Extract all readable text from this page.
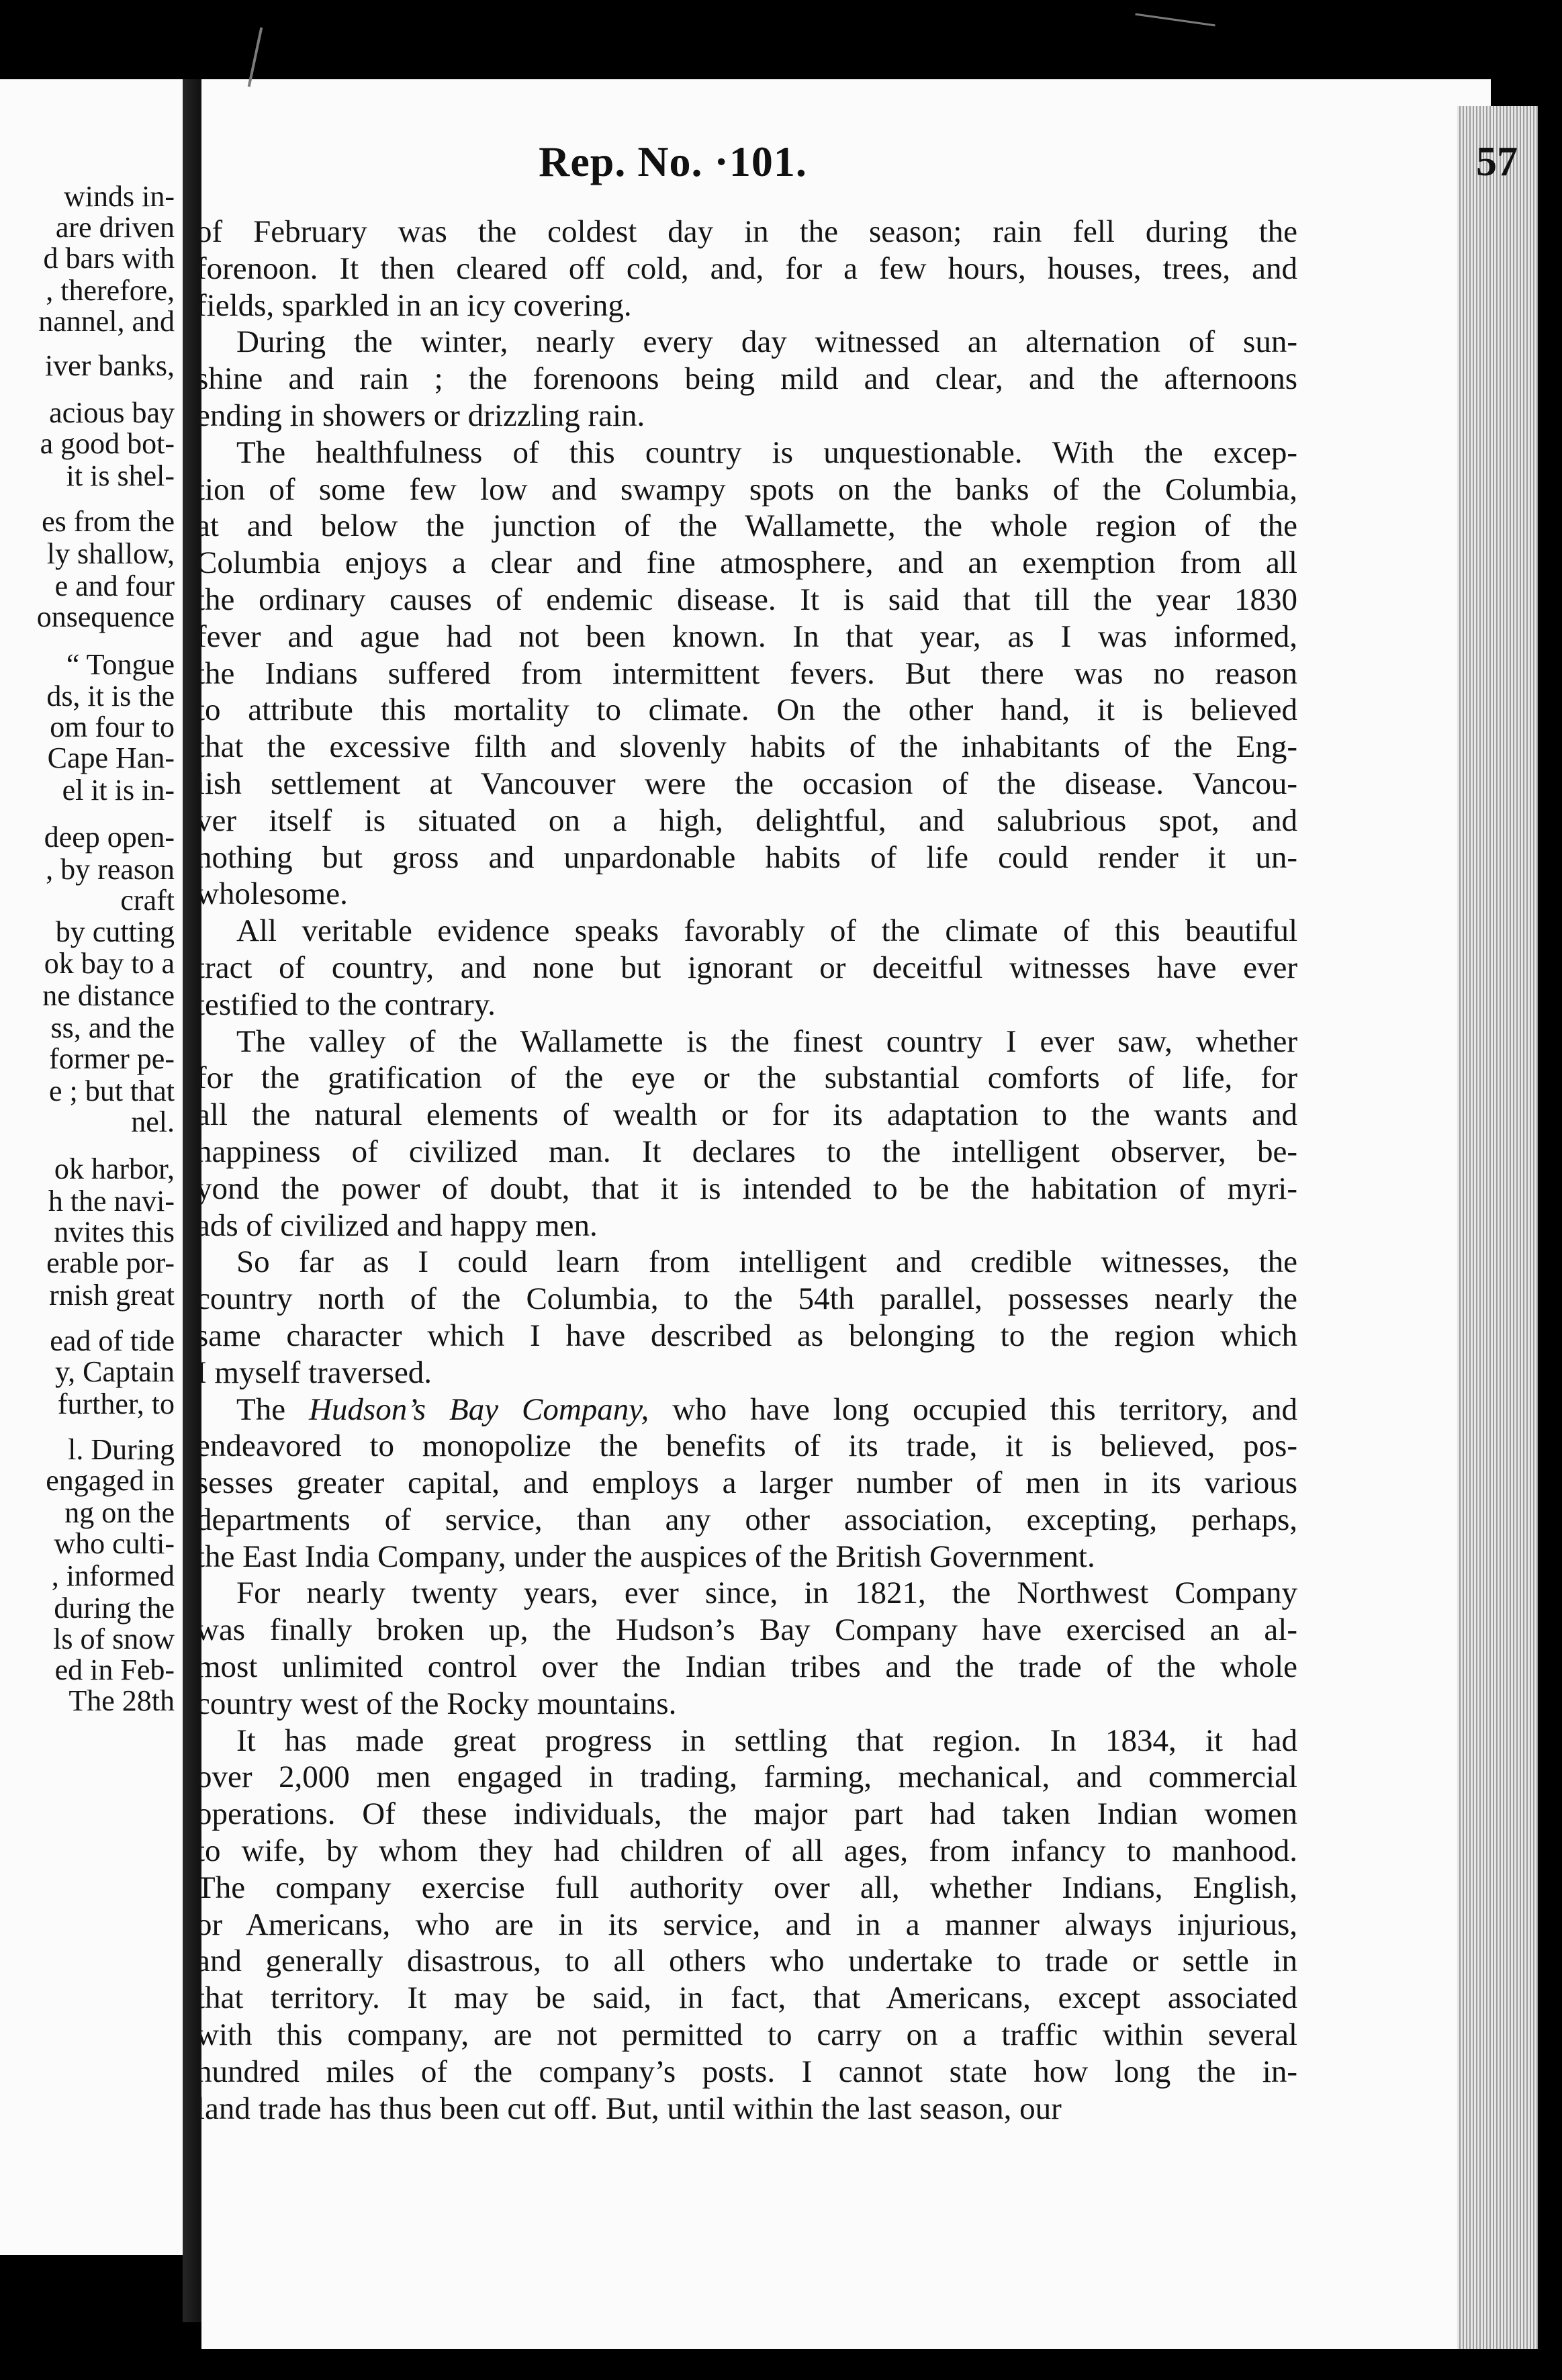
winds in-
are driven
d bars with
, therefore,
nannel, and
iver banks,
acious bay
a good bot-
it is shel-
es from the
ly shallow,
e and four
onsequence
“ Tongue
ds, it is the
om four to
Cape Han-
el it is in-
deep open-
, by reason
craft
by cutting
ok bay to a
ne distance
ss, and the
former pe-
e ; but that
nel.
ok harbor,
h the navi-
nvites this
erable por-
rnish great
ead of tide
y, Captain
further, to
l. During
engaged in
ng on the
who culti-
, informed
during the
ls of snow
ed in Feb-
The 28th
Rep. No. ·101.	57
of February was the coldest day in the season; rain fell during the
forenoon. It then cleared off cold, and, for a few hours, houses, trees, and
fields, sparkled in an icy covering.
During the winter, nearly every day witnessed an alternation of sun-
shine and rain ; the forenoons being mild and clear, and the afternoons
ending in showers or drizzling rain.
The healthfulness of this country is unquestionable. With the excep-
tion of some few low and swampy spots on the banks of the Columbia,
at and below the junction of the Wallamette, the whole region of the
Columbia enjoys a clear and fine atmosphere, and an exemption from all
the ordinary causes of endemic disease. It is said that till the year 1830
fever and ague had not been known. In that year, as I was informed,
the Indians suffered from intermittent fevers. But there was no reason
to attribute this mortality to climate. On the other hand, it is believed
that the excessive filth and slovenly habits of the inhabitants of the Eng-
lish settlement at Vancouver were the occasion of the disease. Vancou-
ver itself is situated on a high, delightful, and salubrious spot, and
nothing but gross and unpardonable habits of life could render it un-
wholesome.
All veritable evidence speaks favorably of the climate of this beautiful
tract of country, and none but ignorant or deceitful witnesses have ever
testified to the contrary.
The valley of the Wallamette is the finest country I ever saw, whether
for the gratification of the eye or the substantial comforts of life, for
all the natural elements of wealth or for its adaptation to the wants and
happiness of civilized man. It declares to the intelligent observer, be-
yond the power of doubt, that it is intended to be the habitation of myri-
ads of civilized and happy men.
So far as I could learn from intelligent and credible witnesses, the
country north of the Columbia, to the 54th parallel, possesses nearly the
same character which I have described as belonging to the region which
I myself traversed.
The Hudson’s Bay Company, who have long occupied this territory, and
endeavored to monopolize the benefits of its trade, it is believed, pos-
sesses greater capital, and employs a larger number of men in its various
departments of service, than any other association, excepting, perhaps,
the East India Company, under the auspices of the British Government.
For nearly twenty years, ever since, in 1821, the Northwest Company
was finally broken up, the Hudson’s Bay Company have exercised an al-
most unlimited control over the Indian tribes and the trade of the whole
country west of the Rocky mountains.
It has made great progress in settling that region. In 1834, it had
over 2,000 men engaged in trading, farming, mechanical, and commercial
operations. Of these individuals, the major part had taken Indian women
to wife, by whom they had children of all ages, from infancy to manhood.
The company exercise full authority over all, whether Indians, English,
or Americans, who are in its service, and in a manner always injurious,
and generally disastrous, to all others who undertake to trade or settle in
that territory. It may be said, in fact, that Americans, except associated
with this company, are not permitted to carry on a traffic within several
hundred miles of the company’s posts. I cannot state how long the in-
land trade has thus been cut off. But, until within the last season, our
